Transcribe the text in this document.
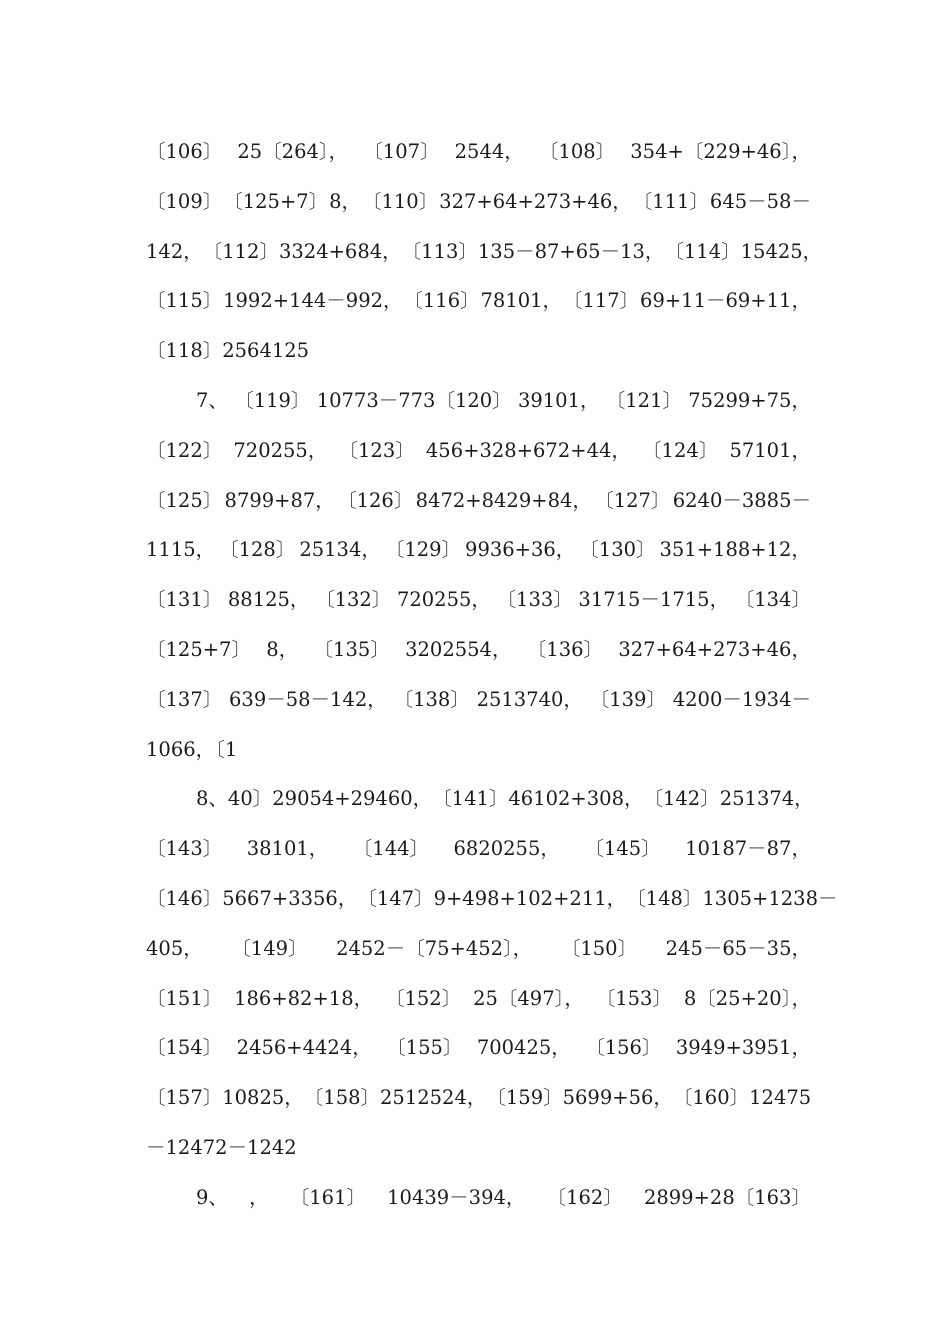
〔106〕 25〔264〕， 〔107〕 2544， 〔108〕 354+〔229+46〕，
〔109〕 〔125+7〕 8， 〔110〕 327+64+273+46， 〔111〕 645－58－
142， 〔112〕 3324+684， 〔113〕 135－87+65－13， 〔114〕 15425，
〔115〕 1992+144－992， 〔116〕 78101， 〔117〕 69+11－69+11，
〔118〕2564125
7、 〔119〕 10773－773〔120〕 39101， 〔121〕 75299+75，
〔122〕 720255， 〔123〕 456+328+672+44， 〔124〕 57101，
〔125〕 8799+87， 〔126〕 8472+8429+84， 〔127〕 6240－3885－
1115， 〔128〕 25134， 〔129〕 9936+36， 〔130〕 351+188+12，
〔131〕 88125， 〔132〕 720255， 〔133〕 31715－1715， 〔134〕
〔125+7〕 8， 〔135〕 3202554， 〔136〕 327+64+273+46，
〔137〕 639－58－142， 〔138〕 2513740， 〔139〕 4200－1934－
1066，〔1
8、 40〕 29054+29460， 〔141〕 46102+308， 〔142〕 251374，
〔143〕 38101， 〔144〕 6820255， 〔145〕 10187－87，
〔146〕 5667+3356， 〔147〕 9+498+102+211， 〔148〕 1305+1238－
405， 〔149〕 2452－〔75+452〕， 〔150〕 245－65－35，
〔151〕 186+82+18， 〔152〕 25〔497〕， 〔153〕 8〔25+20〕，
〔154〕 2456+4424， 〔155〕 700425， 〔156〕 3949+3951，
〔157〕 10825， 〔158〕 2512524， 〔159〕 5699+56， 〔160〕 12475
－12472－1242
9、 ， 〔161〕 10439－394， 〔162〕 2899+28〔163〕
